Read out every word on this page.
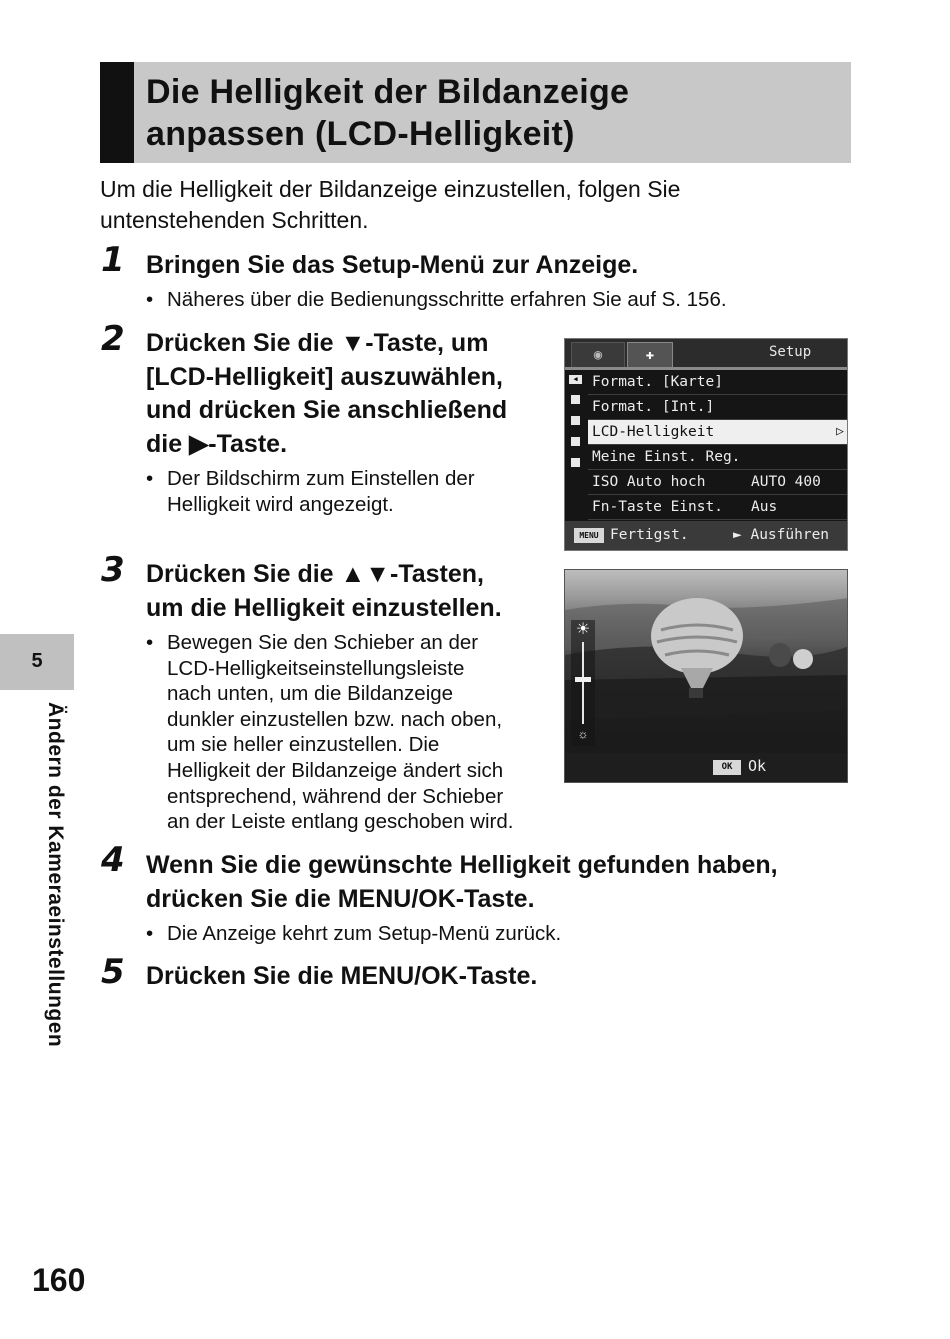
Die Helligkeit der Bildanzeige
anpassen (LCD-Helligkeit)
Um die Helligkeit der Bildanzeige einzustellen, folgen Sie
untenstehenden Schritten.
1 Bringen Sie das Setup-Menü zur Anzeige.
• Näheres über die Bedienungsschritte erfahren Sie auf S. 156.
2 Drücken Sie die ▼-Taste, um
[LCD-Helligkeit] auszuwählen,
und drücken Sie anschließend
die ▶-Taste.
• Der Bildschirm zum Einstellen der
Helligkeit wird angezeigt.
◉	✚	Setup
◀ Format. [Karte]
Format. [Int.]
LCD-Helligkeit	▷
Meine Einst. Reg.
ISO Auto hoch	AUTO 400
Fn-Taste Einst. Aus
MENU Fertigst.	► Ausführen
3 Drücken Sie die ▲▼-Tasten,
um die Helligkeit einzustellen.
• Bewegen Sie den Schieber an der
LCD-Helligkeitseinstellungsleiste
nach unten, um die Bildanzeige
dunkler einzustellen bzw. nach oben,
um sie heller einzustellen. Die
Helligkeit der Bildanzeige ändert sich
entsprechend, während der Schieber
an der Leiste entlang geschoben wird.
☀
☼
OK	Ok
4 Wenn Sie die gewünschte Helligkeit gefunden haben,
drücken Sie die MENU/OK-Taste.
• Die Anzeige kehrt zum Setup-Menü zurück.
5 Drücken Sie die MENU/OK-Taste.
5
Ändern der Kameraeinstellungen
160
